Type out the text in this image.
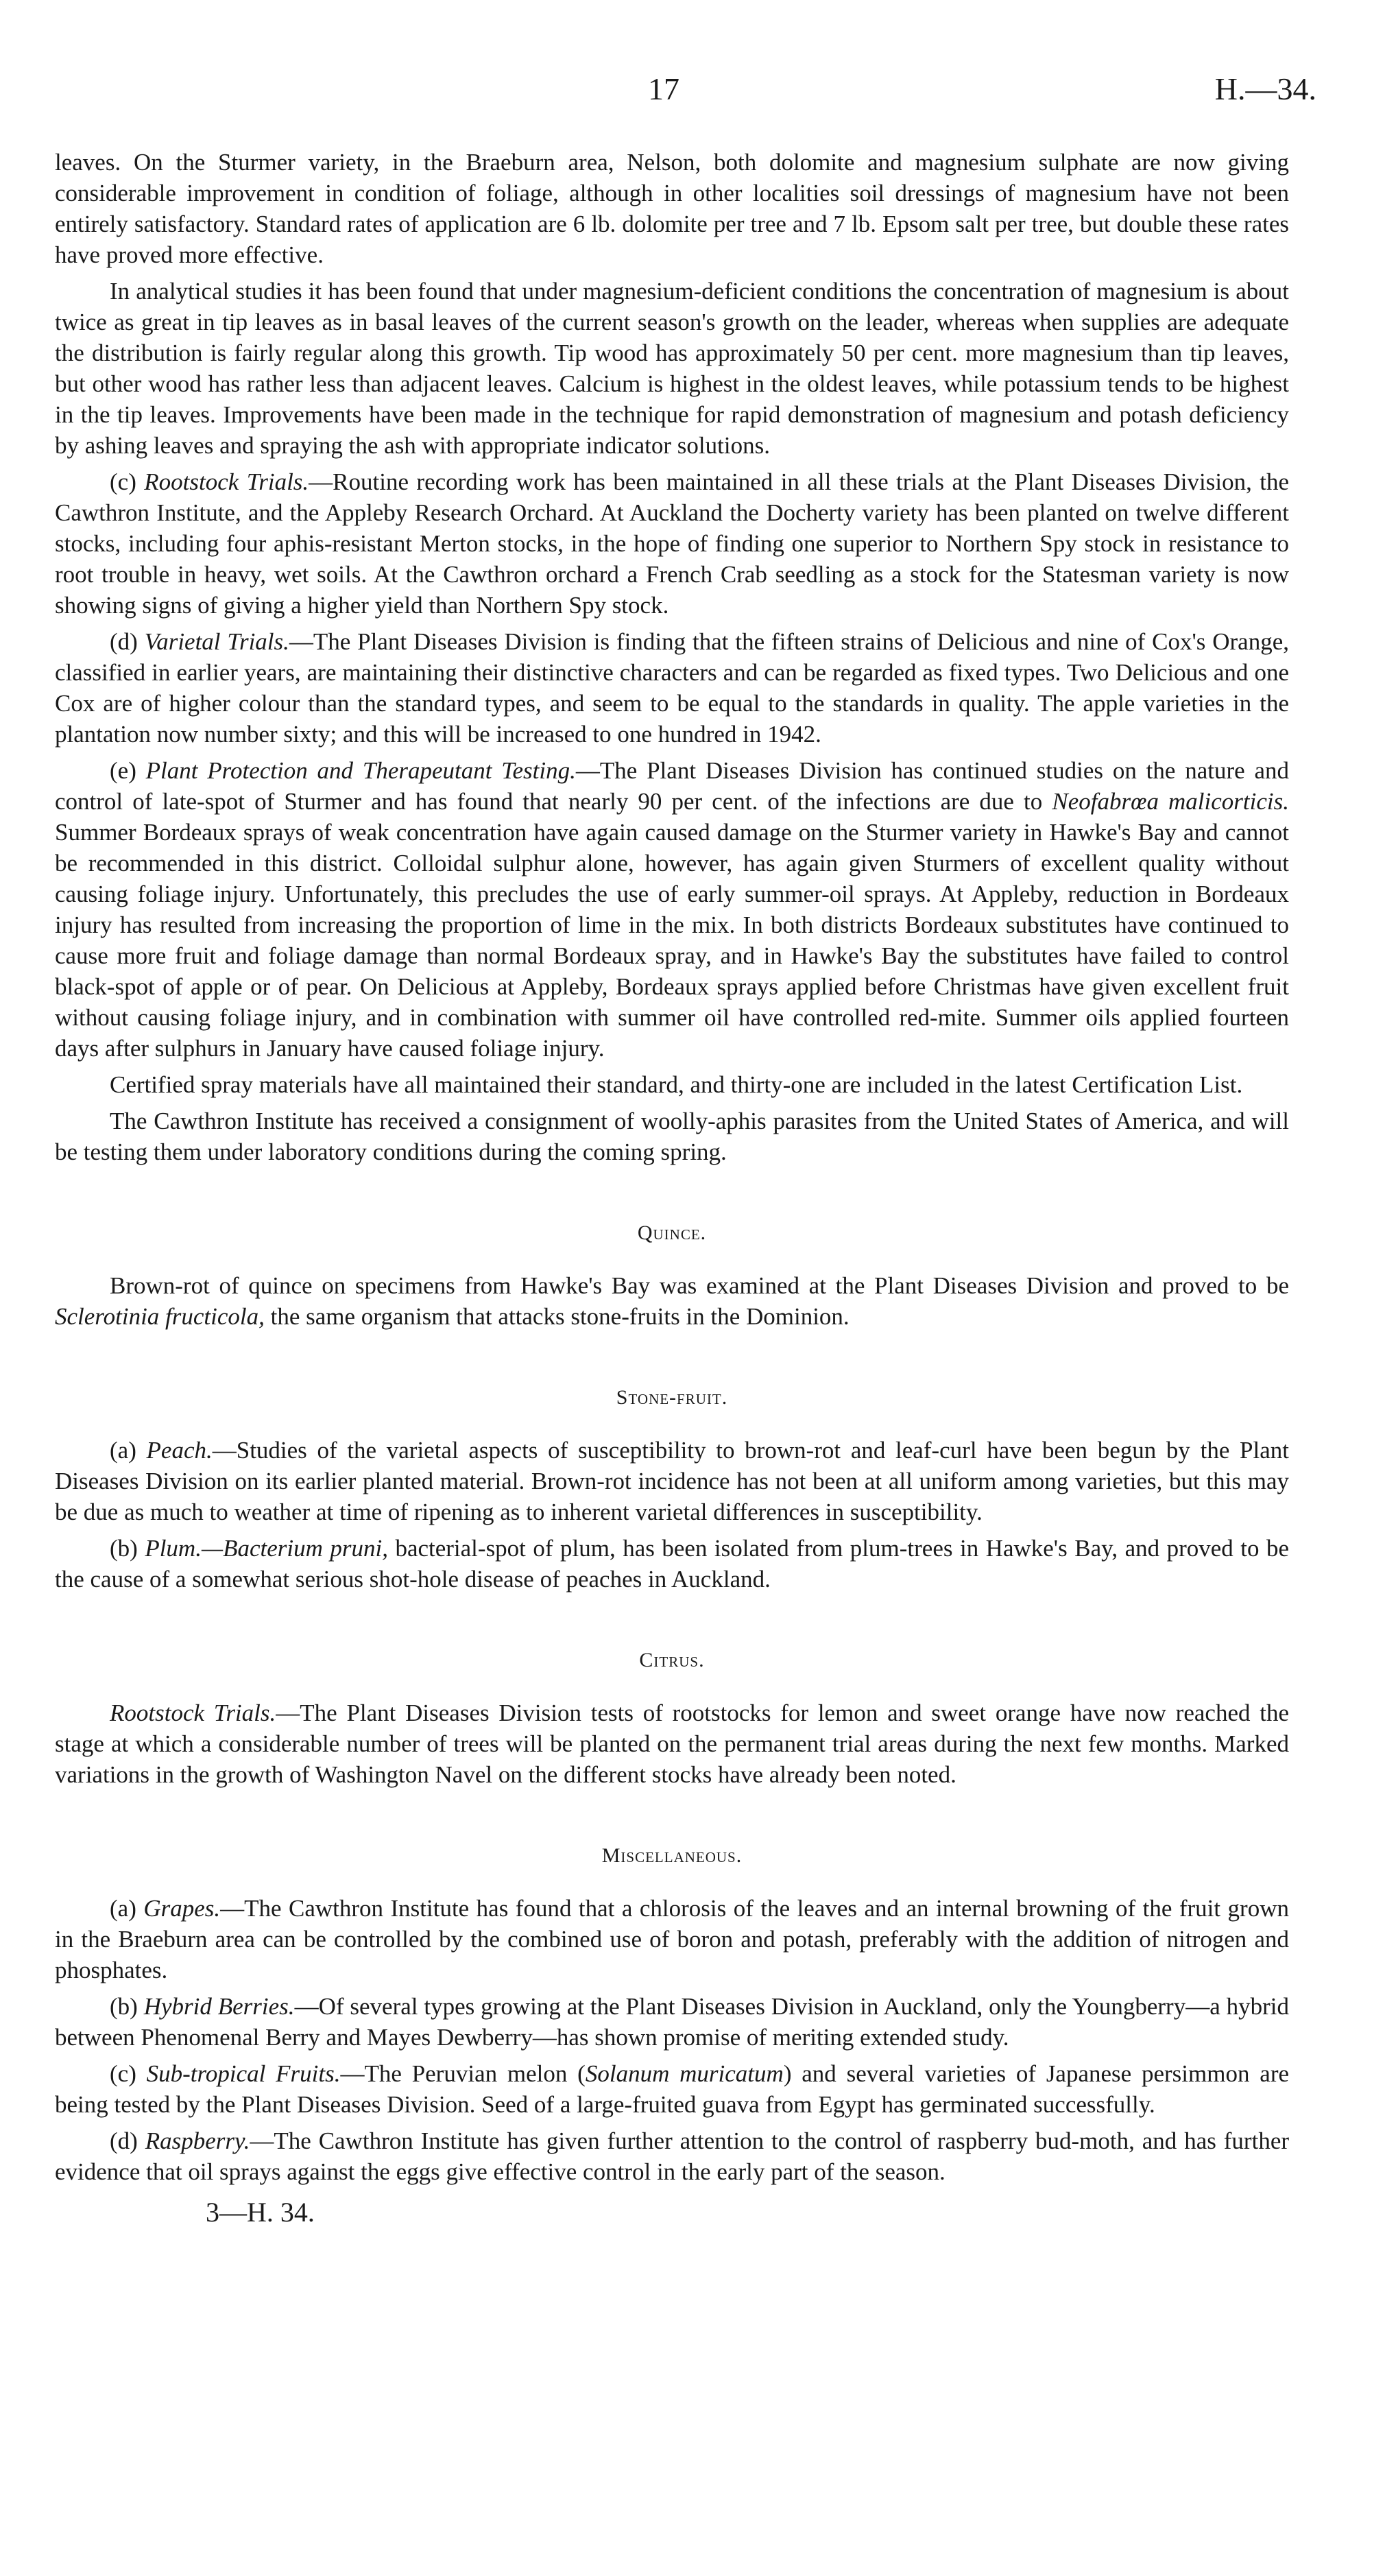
17	H.—34.

leaves. On the Sturmer variety, in the Braeburn area, Nelson, both dolomite and magnesium sulphate are now giving considerable improvement in condition of foliage, although in other localities soil dressings of magnesium have not been entirely satisfactory. Standard rates of application are 6 lb. dolomite per tree and 7 lb. Epsom salt per tree, but double these rates have proved more effective.

In analytical studies it has been found that under magnesium-deficient conditions the concentration of magnesium is about twice as great in tip leaves as in basal leaves of the current season's growth on the leader, whereas when supplies are adequate the distribution is fairly regular along this growth. Tip wood has approximately 50 per cent. more magnesium than tip leaves, but other wood has rather less than adjacent leaves. Calcium is highest in the oldest leaves, while potassium tends to be highest in the tip leaves. Improvements have been made in the technique for rapid demonstration of magnesium and potash deficiency by ashing leaves and spraying the ash with appropriate indicator solutions.

(c) Rootstock Trials.—Routine recording work has been maintained in all these trials at the Plant Diseases Division, the Cawthron Institute, and the Appleby Research Orchard. At Auckland the Docherty variety has been planted on twelve different stocks, including four aphis-resistant Merton stocks, in the hope of finding one superior to Northern Spy stock in resistance to root trouble in heavy, wet soils. At the Cawthron orchard a French Crab seedling as a stock for the Statesman variety is now showing signs of giving a higher yield than Northern Spy stock.

(d) Varietal Trials.—The Plant Diseases Division is finding that the fifteen strains of Delicious and nine of Cox's Orange, classified in earlier years, are maintaining their distinctive characters and can be regarded as fixed types. Two Delicious and one Cox are of higher colour than the standard types, and seem to be equal to the standards in quality. The apple varieties in the plantation now number sixty; and this will be increased to one hundred in 1942.

(e) Plant Protection and Therapeutant Testing.—The Plant Diseases Division has continued studies on the nature and control of late-spot of Sturmer and has found that nearly 90 per cent. of the infections are due to Neofabrœa malicorticis. Summer Bordeaux sprays of weak concentration have again caused damage on the Sturmer variety in Hawke's Bay and cannot be recommended in this district. Colloidal sulphur alone, however, has again given Sturmers of excellent quality without causing foliage injury. Unfortunately, this precludes the use of early summer-oil sprays. At Appleby, reduction in Bordeaux injury has resulted from increasing the proportion of lime in the mix. In both districts Bordeaux substitutes have continued to cause more fruit and foliage damage than normal Bordeaux spray, and in Hawke's Bay the substitutes have failed to control black-spot of apple or of pear. On Delicious at Appleby, Bordeaux sprays applied before Christmas have given excellent fruit without causing foliage injury, and in combination with summer oil have controlled red-mite. Summer oils applied fourteen days after sulphurs in January have caused foliage injury.

Certified spray materials have all maintained their standard, and thirty-one are included in the latest Certification List.

The Cawthron Institute has received a consignment of woolly-aphis parasites from the United States of America, and will be testing them under laboratory conditions during the coming spring.

Quince.

Brown-rot of quince on specimens from Hawke's Bay was examined at the Plant Diseases Division and proved to be Sclerotinia fructicola, the same organism that attacks stone-fruits in the Dominion.

Stone-fruit.

(a) Peach.—Studies of the varietal aspects of susceptibility to brown-rot and leaf-curl have been begun by the Plant Diseases Division on its earlier planted material. Brown-rot incidence has not been at all uniform among varieties, but this may be due as much to weather at time of ripening as to inherent varietal differences in susceptibility.

(b) Plum.—Bacterium pruni, bacterial-spot of plum, has been isolated from plum-trees in Hawke's Bay, and proved to be the cause of a somewhat serious shot-hole disease of peaches in Auckland.

Citrus.

Rootstock Trials.—The Plant Diseases Division tests of rootstocks for lemon and sweet orange have now reached the stage at which a considerable number of trees will be planted on the permanent trial areas during the next few months. Marked variations in the growth of Washington Navel on the different stocks have already been noted.

Miscellaneous.

(a) Grapes.—The Cawthron Institute has found that a chlorosis of the leaves and an internal browning of the fruit grown in the Braeburn area can be controlled by the combined use of boron and potash, preferably with the addition of nitrogen and phosphates.

(b) Hybrid Berries.—Of several types growing at the Plant Diseases Division in Auckland, only the Youngberry—a hybrid between Phenomenal Berry and Mayes Dewberry—has shown promise of meriting extended study.

(c) Sub-tropical Fruits.—The Peruvian melon (Solanum muricatum) and several varieties of Japanese persimmon are being tested by the Plant Diseases Division. Seed of a large-fruited guava from Egypt has germinated successfully.

(d) Raspberry.—The Cawthron Institute has given further attention to the control of raspberry bud-moth, and has further evidence that oil sprays against the eggs give effective control in the early part of the season.

3—H. 34.
